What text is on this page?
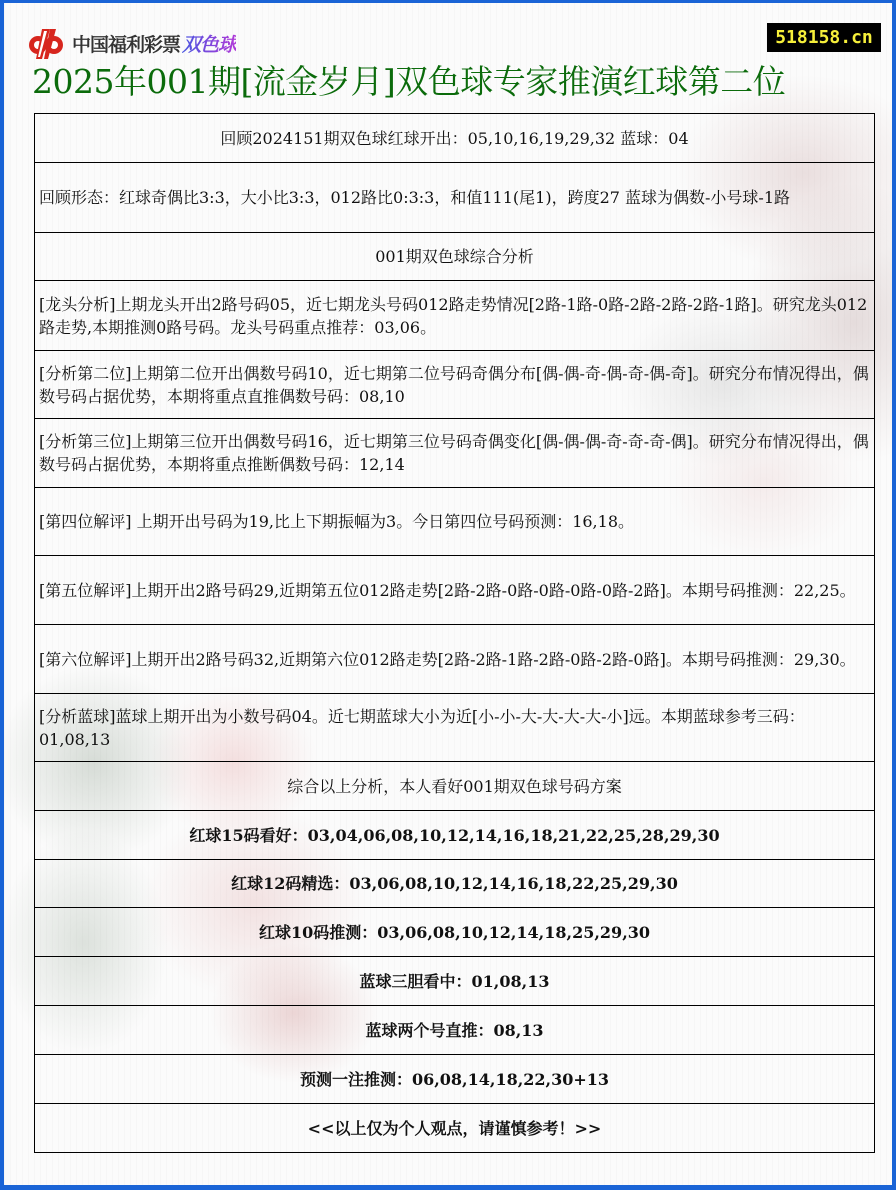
中国福利彩票 双色球	518158.cn
2025年001期[流金岁月]双色球专家推演红球第二位
回顾2024151期双色球红球开出：05,10,16,19,29,32 蓝球：04
回顾形态：红球奇偶比3:3，大小比3:3，012路比0:3:3，和值111(尾1)，跨度27 蓝球为偶数-小号球-1路
001期双色球综合分析
[龙头分析]上期龙头开出2路号码05，近七期龙头号码012路走势情况[2路-1路-0路-2路-2路-2路-1路]。研究龙头012路走势,本期推测0路号码。龙头号码重点推荐：03,06。
[分析第二位]上期第二位开出偶数号码10，近七期第二位号码奇偶分布[偶-偶-奇-偶-奇-偶-奇]。研究分布情况得出，偶数号码占据优势，本期将重点直推偶数号码：08,10
[分析第三位]上期第三位开出偶数号码16，近七期第三位号码奇偶变化[偶-偶-偶-奇-奇-奇-偶]。研究分布情况得出，偶数号码占据优势，本期将重点推断偶数号码：12,14
[第四位解评] 上期开出号码为19,比上下期振幅为3。今日第四位号码预测：16,18。
[第五位解评]上期开出2路号码29,近期第五位012路走势[2路-2路-0路-0路-0路-0路-2路]。本期号码推测：22,25。
[第六位解评]上期开出2路号码32,近期第六位012路走势[2路-2路-1路-2路-0路-2路-0路]。本期号码推测：29,30。
[分析蓝球]蓝球上期开出为小数号码04。近七期蓝球大小为近[小-小-大-大-大-大-小]远。本期蓝球参考三码：01,08,13
综合以上分析，本人看好001期双色球号码方案
红球15码看好：03,04,06,08,10,12,14,16,18,21,22,25,28,29,30
红球12码精选：03,06,08,10,12,14,16,18,22,25,29,30
红球10码推测：03,06,08,10,12,14,18,25,29,30
蓝球三胆看中：01,08,13
蓝球两个号直推：08,13
预测一注推测：06,08,14,18,22,30+13
<<以上仅为个人观点，请谨慎参考！>>
